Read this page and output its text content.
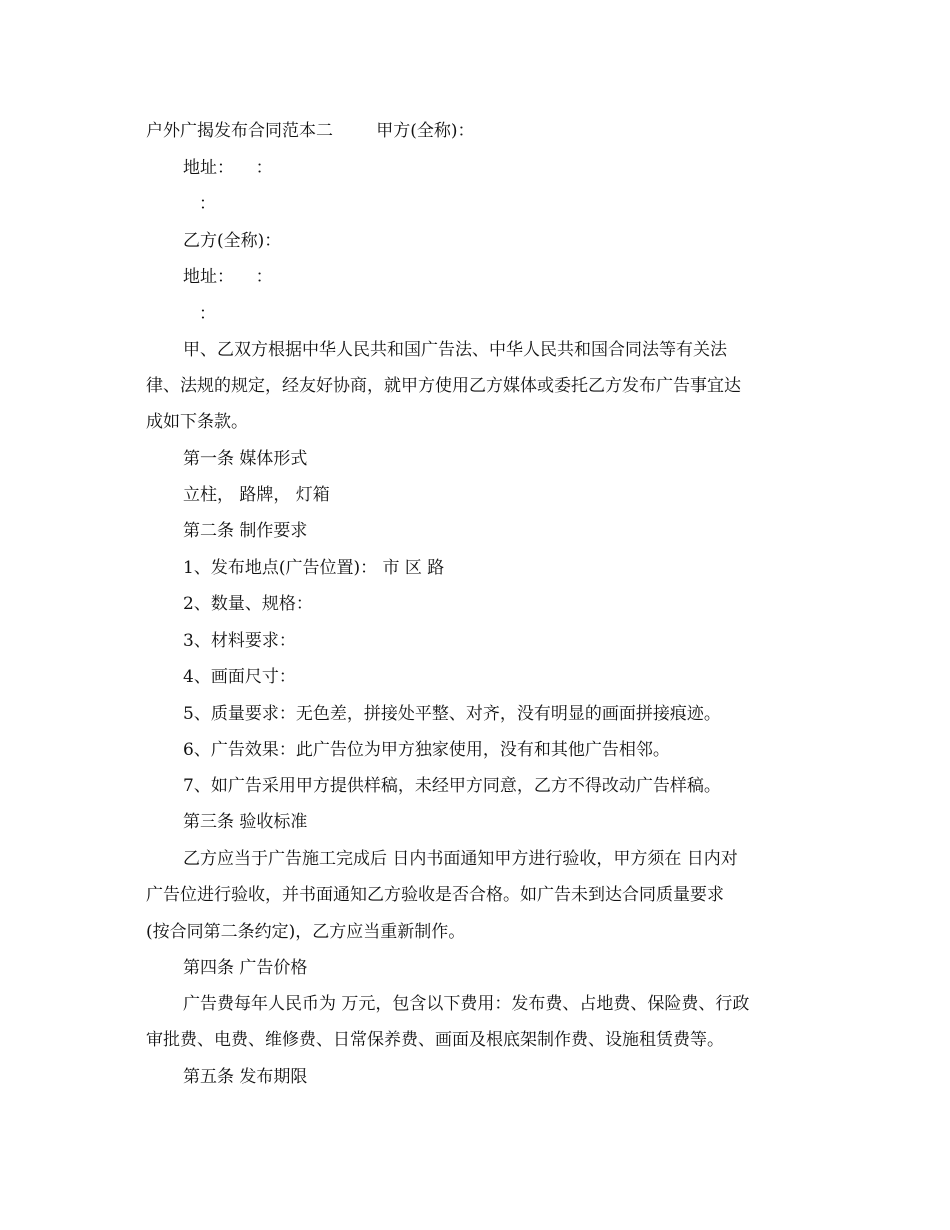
户外广揭发布合同范本二        甲方(全称)：
地址：    ：
：
乙方(全称)：
地址：    ：
：
甲、乙双方根据中华人民共和国广告法、中华人民共和国合同法等有关法
律、法规的规定，经友好协商，就甲方使用乙方媒体或委托乙方发布广告事宜达
成如下条款。
第一条 媒体形式
立柱， 路牌， 灯箱
第二条 制作要求
1、发布地点(广告位置)： 市 区 路
2、数量、规格：
3、材料要求：
4、画面尺寸：
5、质量要求：无色差，拼接处平整、对齐，没有明显的画面拼接痕迹。
6、广告效果：此广告位为甲方独家使用，没有和其他广告相邻。
7、如广告采用甲方提供样稿，未经甲方同意，乙方不得改动广告样稿。
第三条 验收标准
乙方应当于广告施工完成后 日内书面通知甲方进行验收，甲方须在 日内对
广告位进行验收，并书面通知乙方验收是否合格。如广告未到达合同质量要求
(按合同第二条约定)，乙方应当重新制作。
第四条 广告价格
广告费每年人民币为 万元，包含以下费用：发布费、占地费、保险费、行政
审批费、电费、维修费、日常保养费、画面及根底架制作费、设施租赁费等。
第五条 发布期限
